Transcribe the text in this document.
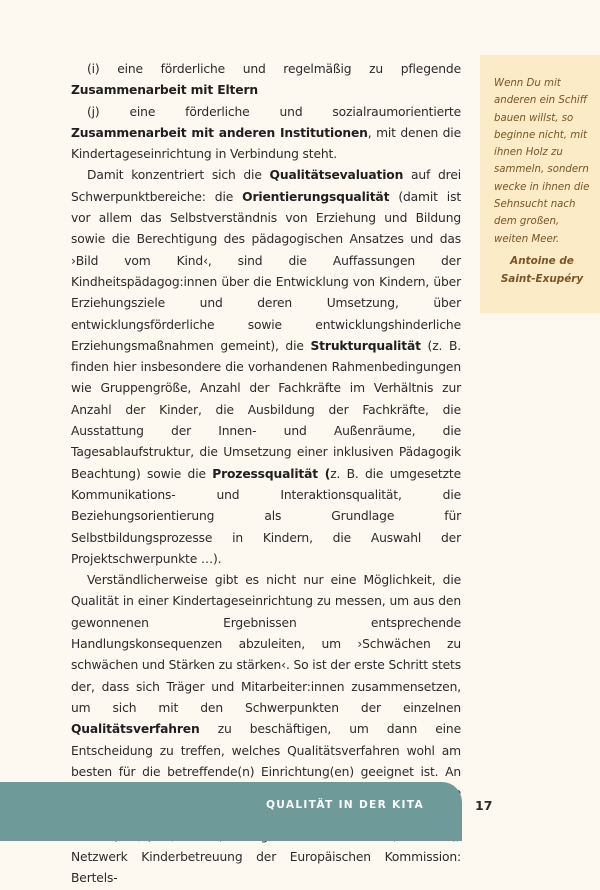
Wenn Du mit anderen ein Schiff bauen willst, so beginne nicht, mit ihnen Holz zu sammeln, sondern wecke in ihnen die Sehnsucht nach dem großen, weiten Meer.

Antoine de Saint-Exupéry

(i) eine förderliche und regelmäßig zu pflegende Zusammenarbeit mit Eltern

(j) eine förderliche und sozialraumorientierte Zusammenarbeit mit anderen Institutionen, mit denen die Kindertageseinrichtung in Verbindung steht.

Damit konzentriert sich die Qualitätsevaluation auf drei Schwerpunktbereiche: die Orientierungsqualität (damit ist vor allem das Selbstverständnis von Erziehung und Bildung sowie die Berechtigung des pädagogischen Ansatzes und das ›Bild vom Kind‹, sind die Auffassungen der Kindheitspädagog:innen über die Entwicklung von Kindern, über Erziehungsziele und deren Umsetzung, über entwicklungsförderliche sowie entwicklungshinderliche Erziehungsmaßnahmen gemeint), die Strukturqualität (z. B. finden hier insbesondere die vorhandenen Rahmenbedingungen wie Gruppengröße, Anzahl der Fachkräfte im Verhältnis zur Anzahl der Kinder, die Ausbildung der Fachkräfte, die Ausstattung der Innen- und Außenräume, die Tagesablaufstruktur, die Umsetzung einer inklusiven Pädagogik Beachtung) sowie die Prozessqualität (z. B. die umgesetzte Kommunikations- und Interaktionsqualität, die Beziehungsorientierung als Grundlage für Selbstbildungsprozesse in Kindern, die Auswahl der Projektschwerpunkte …).

Verständlicherweise gibt es nicht nur eine Möglichkeit, die Qualität in einer Kindertageseinrichtung zu messen, um aus den gewonnenen Ergebnissen entsprechende Handlungskonsequenzen abzuleiten, um ›Schwächen zu schwächen und Stärken zu stärken‹. So ist der erste Schritt stets der, dass sich Träger und Mitarbeiter:innen zusammensetzen, um sich mit den Schwerpunkten der einzelnen Qualitätsverfahren zu beschäftigen, um dann eine Entscheidung zu treffen, welches Qualitätsverfahren wohl am besten für die betreffende(n) Einrichtung(en) geeignet ist. An

Netzwerk Kinderbetreuung der Europäischen Kommission: Bertels-

QUALITÄT IN DER KITA	17
